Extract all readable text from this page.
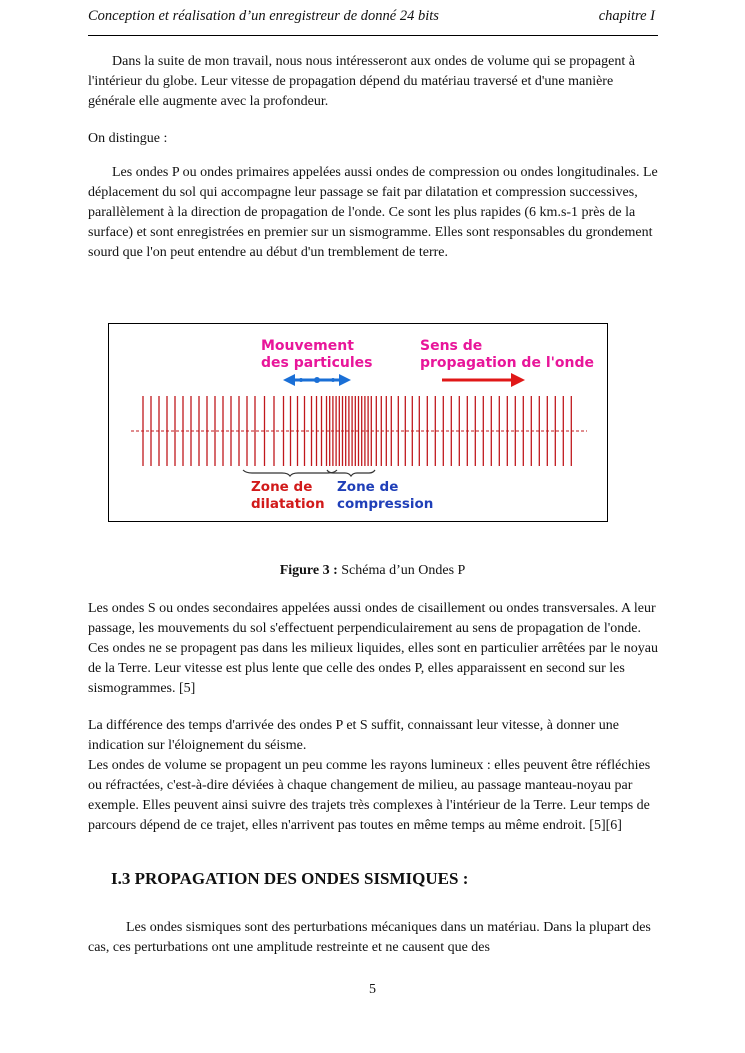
Conception et réalisation d’un enregistreur de donné 24 bits	chapitre I

Dans la suite de mon travail, nous nous intéresseront aux ondes de volume qui se propagent à l'intérieur du globe. Leur vitesse de propagation dépend du matériau traversé et d'une manière générale elle augmente avec la profondeur.

On distingue :

Les ondes P ou ondes primaires appelées aussi ondes de compression ou ondes longitudinales. Le déplacement du sol qui accompagne leur passage se fait par dilatation et compression successives, parallèlement à la direction de propagation de l'onde. Ce sont les plus rapides (6 km.s-1 près de la surface) et sont enregistrées en premier sur un sismogramme. Elles sont responsables du grondement sourd que l'on peut entendre au début d'un tremblement de terre.

Mouvement
des particules
Sens de
propagation de l'onde
Zone de
dilatation
Zone de
compression
Figure 3 : Schéma d’un Ondes P

Les ondes S ou ondes secondaires appelées aussi ondes de cisaillement ou ondes transversales. A leur passage, les mouvements du sol s'effectuent perpendiculairement au sens de propagation de l'onde. Ces ondes ne se propagent pas dans les milieux liquides, elles sont en particulier arrêtées par le noyau de la Terre. Leur vitesse est plus lente que celle des ondes P, elles apparaissent en second sur les sismogrammes. [5]

La différence des temps d'arrivée des ondes P et S suffit, connaissant leur vitesse, à donner une indication sur l'éloignement du séisme.

Les ondes de volume se propagent un peu comme les rayons lumineux : elles peuvent être réfléchies ou réfractées, c'est-à-dire déviées à chaque changement de milieu, au passage manteau-noyau par exemple. Elles peuvent ainsi suivre des trajets très complexes à l'intérieur de la Terre. Leur temps de parcours dépend de ce trajet, elles n'arrivent pas toutes en même temps au même endroit. [5][6]

I.3 PROPAGATION DES ONDES SISMIQUES :

Les ondes sismiques sont des perturbations mécaniques dans un matériau. Dans la plupart des cas, ces perturbations ont une amplitude restreinte et ne causent que des

5
